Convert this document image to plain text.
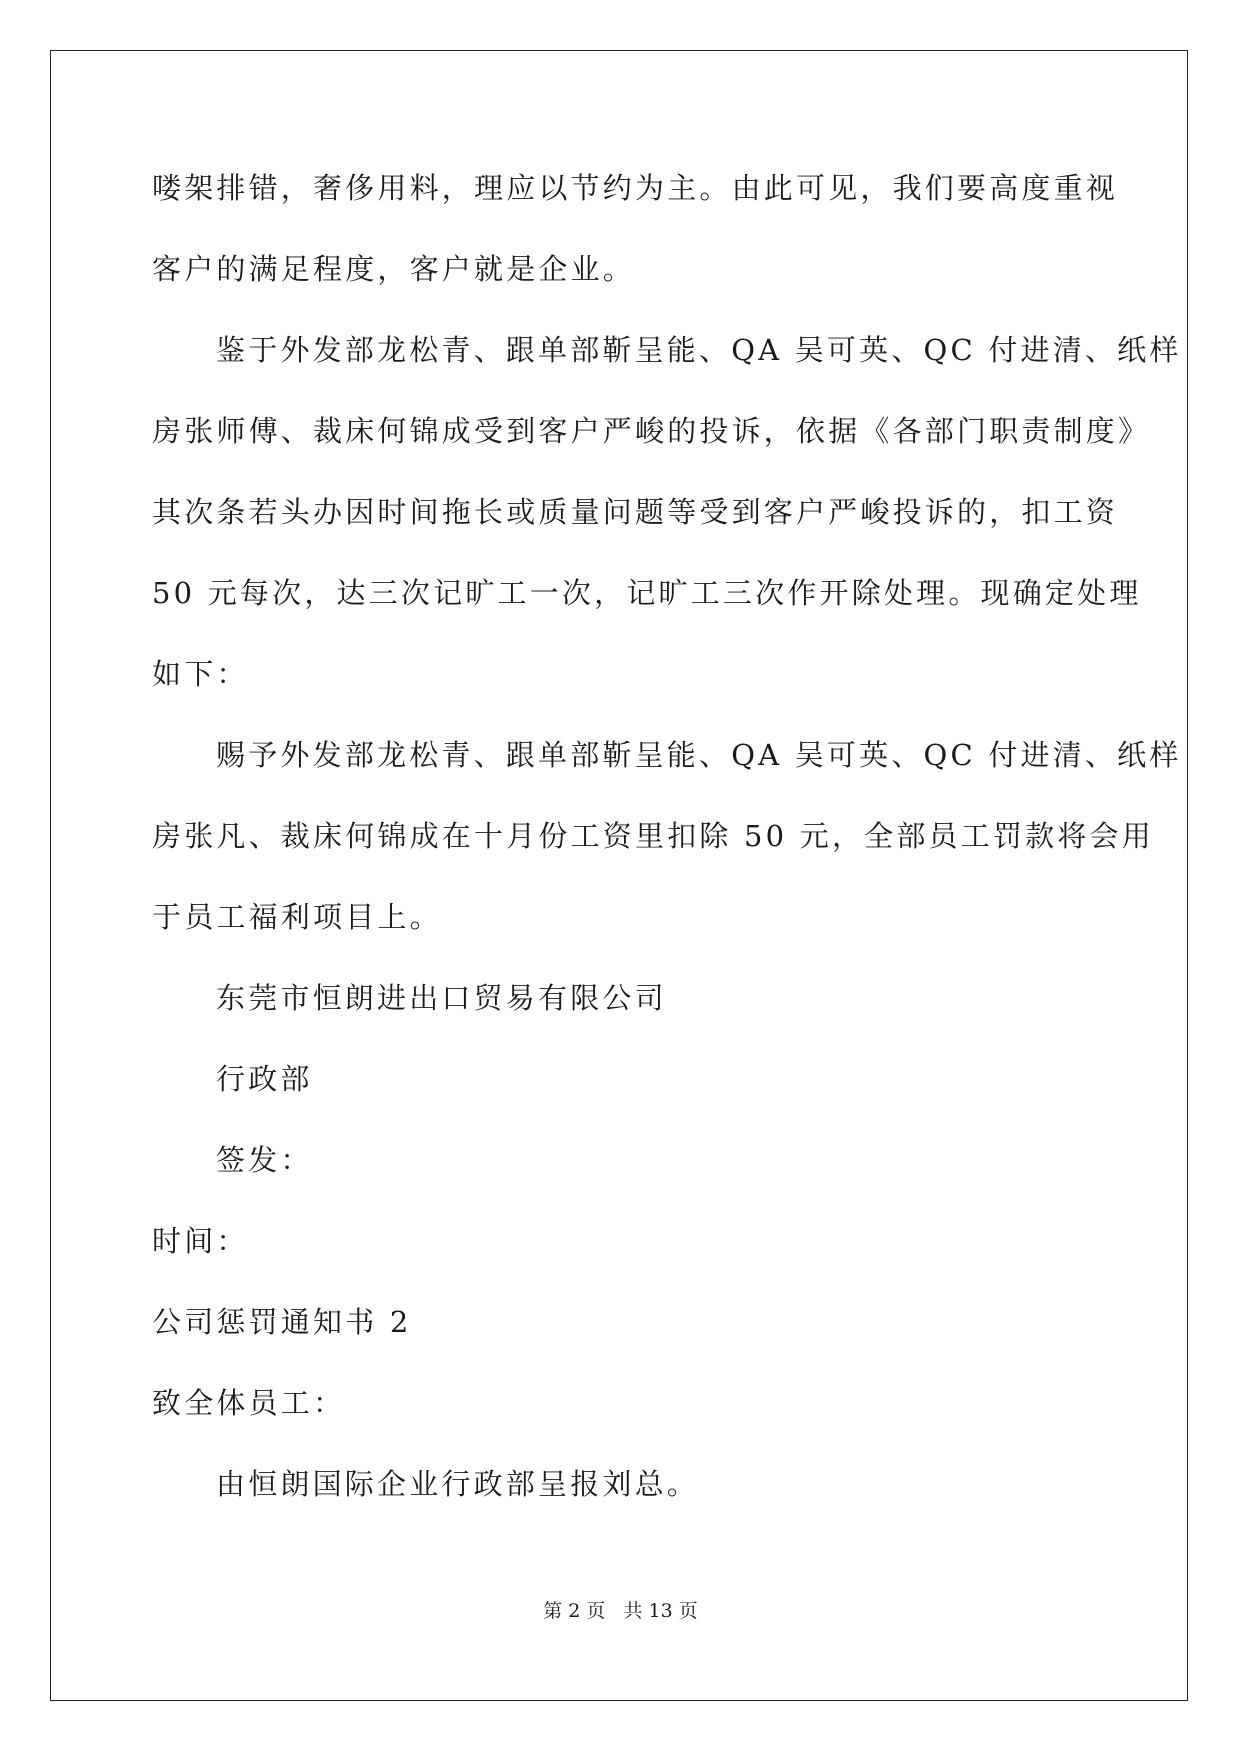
喽架排错，奢侈用料，理应以节约为主。由此可见，我们要高度重视
客户的满足程度，客户就是企业。
鉴于外发部龙松青、跟单部靳呈能、QA 吴可英、QC 付进清、纸样
房张师傅、裁床何锦成受到客户严峻的投诉，依据《各部门职责制度》
其次条若头办因时间拖长或质量问题等受到客户严峻投诉的，扣工资
50 元每次，达三次记旷工一次，记旷工三次作开除处理。现确定处理
如下：
赐予外发部龙松青、跟单部靳呈能、QA 吴可英、QC 付进清、纸样
房张凡、裁床何锦成在十月份工资里扣除 50 元，全部员工罚款将会用
于员工福利项目上。
东莞市恒朗进出口贸易有限公司
行政部
签发：
时间：
公司惩罚通知书 2
致全体员工：
由恒朗国际企业行政部呈报刘总。
第 2 页 共 13 页
